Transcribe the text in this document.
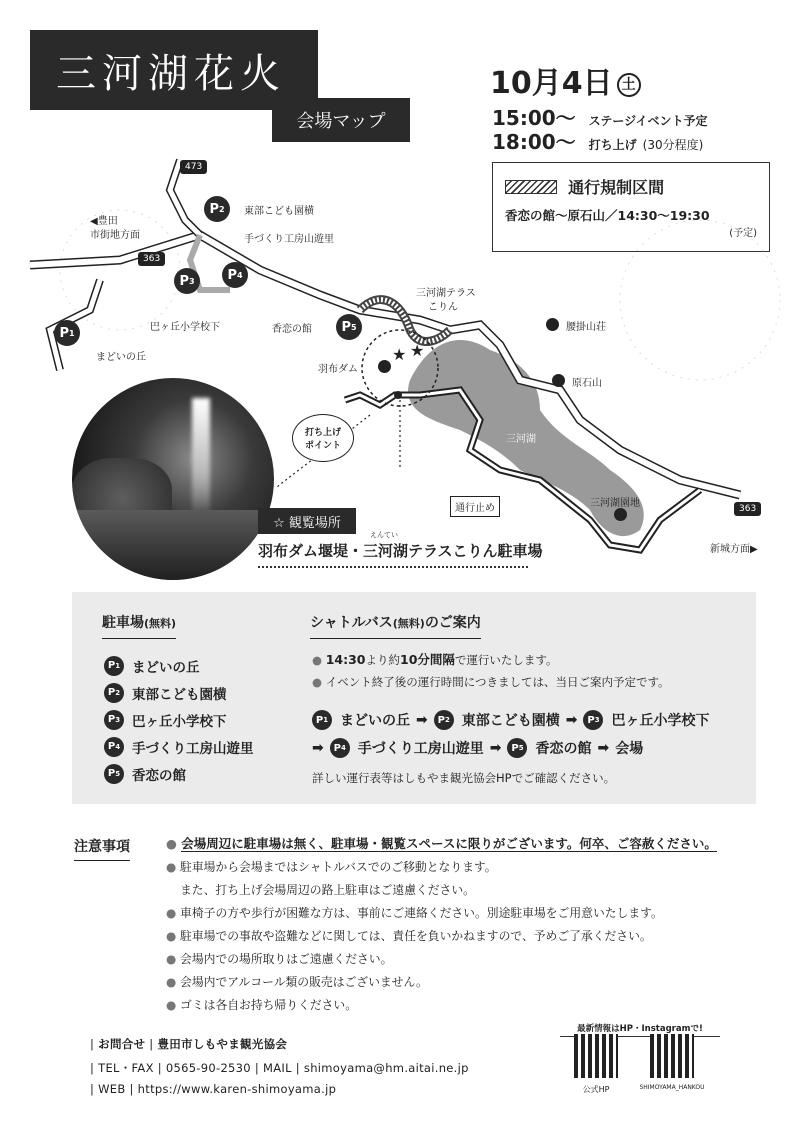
三河湖花火
会場マップ
10月4日 土
15:00〜 ステージイベント予定
18:00〜 打ち上げ (30分程度)
通行規制区間
香恋の館〜原石山／14:30〜19:30
(予定)
★ ★
473
363
363
◀豊田
市街地方面
新城方面▶
P 1
まどいの丘
P 2 東部こども園横
P 3
巴ヶ丘小学校下
P 4
手づくり工房山遊里
P 5
香恋の館
三河湖テラス
こりん
腰掛山荘
原石山
羽布ダム
三河湖
三河湖園地
打ち上げ
ポイント
通行止め
☆ 観覧場所
えんてい
羽布ダム堰堤・三河湖テラスこりん駐車場
駐車場(無料)
P 1 まどいの丘
P 2 東部こども園横
P 3 巴ヶ丘小学校下
P 4 手づくり工房山遊里
P 5 香恋の館
シャトルバス(無料)のご案内
● 14:30より約10分間隔で運行いたします。
● イベント終了後の運行時間につきましては、当日ご案内予定です。
P 1 まどいの丘 ➡ P 2 東部こども園横 ➡ P 3 巴ヶ丘小学校下
➡ P 4 手づくり工房山遊里 ➡ P 5 香恋の館 ➡ 会場
詳しい運行表等はしもやま観光協会HPでご確認ください。
注意事項	● 会場周辺に駐車場は無く、駐車場・観覧スペースに限りがございます。何卒、ご容赦ください。
● 駐車場から会場まではシャトルバスでのご移動となります。
また、打ち上げ会場周辺の路上駐車はご遠慮ください。
● 車椅子の方や歩行が困難な方は、事前にご連絡ください。別途駐車場をご用意いたします。
● 駐車場での事故や盗難などに関しては、責任を負いかねますので、予めご了承ください。
● 会場内での場所取りはご遠慮ください。
● 会場内でアルコール類の販売はございません。
● ゴミは各自お持ち帰りください。
| お問合せ | 豊田市しもやま観光協会
| TEL・FAX | 0565-90-2530 | MAIL | shimoyama@hm.aitai.ne.jp
| WEB | https://www.karen-shimoyama.jp
最新情報はHP・Instagramで!
公式HP	SHIMOYAMA_HANKOU
